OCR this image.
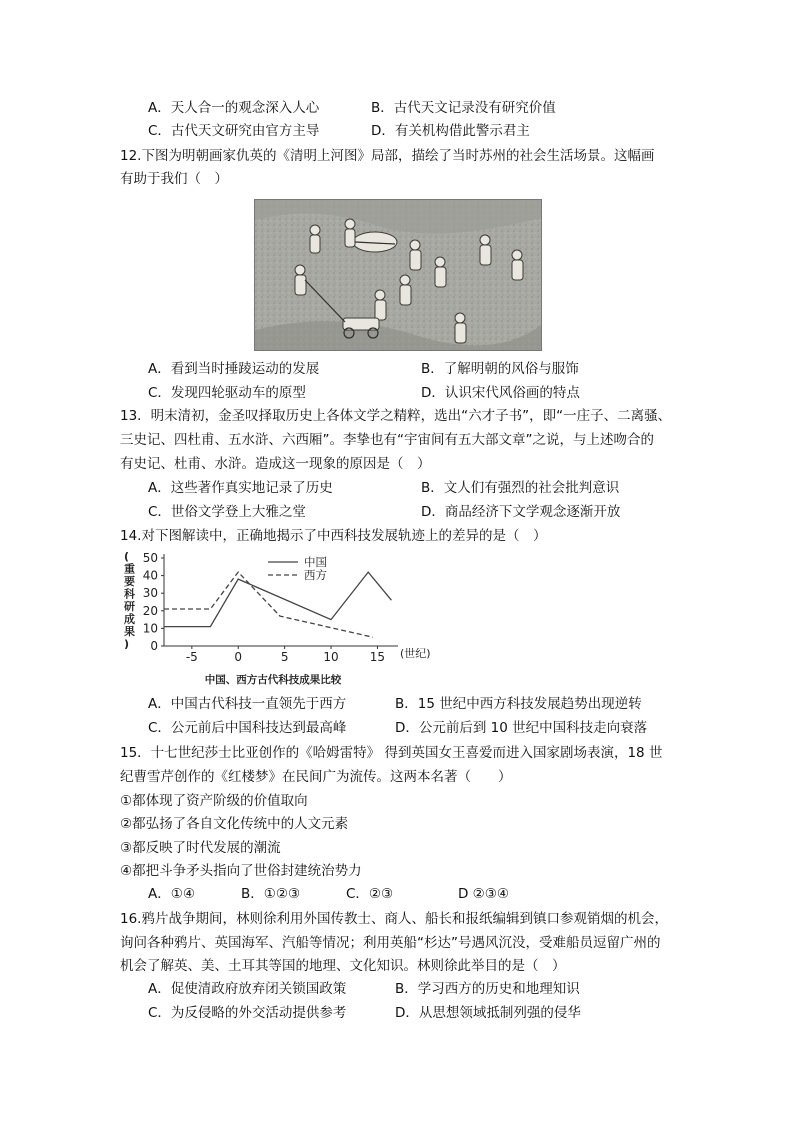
A．天人合一的观念深入人心	B．古代天文记录没有研究价值
C．古代天文研究由官方主导	D．有关机构借此警示君主
12.下图为明朝画家仇英的《清明上河图》局部，描绘了当时苏州的社会生活场景。这幅画
有助于我们（　）
A．看到当时捶踜运动的发展	B．了解明朝的风俗与服饰
C．发现四轮驱动车的原型	D．认识宋代风俗画的特点
13．明末清初，金圣叹择取历史上各体文学之精粹，选出“六才子书”，即“一庄子、二离骚、
三史记、四杜甫、五水浒、六西厢”。李挚也有“宇宙间有五大部文章”之说，与上述吻合的
有史记、杜甫、水浒。造成这一现象的原因是（　）
A．这些著作真实地记录了历史	B．文人们有强烈的社会批判意识
C．世俗文学登上大雅之堂	D．商品经济下文学观念逐渐开放
14.对下图解读中，正确地揭示了中西科技发展轨迹上的差异的是（　）
(重要科研成果)
(世纪)
中国、西方古代科技成果比较
0
10
20
30
40
50
-5	0	5	10	15
中国
西方
A．中国古代科技一直领先于西方	B．15 世纪中西方科技发展趋势出现逆转
C．公元前后中国科技达到最高峰	D．公元前后到 10 世纪中国科技走向衰落
15．十七世纪莎士比亚创作的《哈姆雷特》 得到英国女王喜爱而进入国家剧场表演，18 世
纪曹雪芹创作的《红楼梦》在民间广为流传。这两本名著（　　）
①都体现了资产阶级的价值取向
②都弘扬了各自文化传统中的人文元素
③都反映了时代发展的潮流
④都把斗争矛头指向了世俗封建统治势力
A．①④	B．①②③	C．②③	D ②③④
16.鸦片战争期间，林则徐利用外国传教士、商人、船长和报纸编辑到镇口参观销烟的机会，
询问各种鸦片、英国海军、汽船等情况；利用英船“杉达”号遇风沉没，受难船员逗留广州的
机会了解英、美、土耳其等国的地理、文化知识。林则徐此举目的是（　）
A．促使清政府放弃闭关锁国政策	B．学习西方的历史和地理知识
C．为反侵略的外交活动提供参考	D．从思想领域抵制列强的侵华
